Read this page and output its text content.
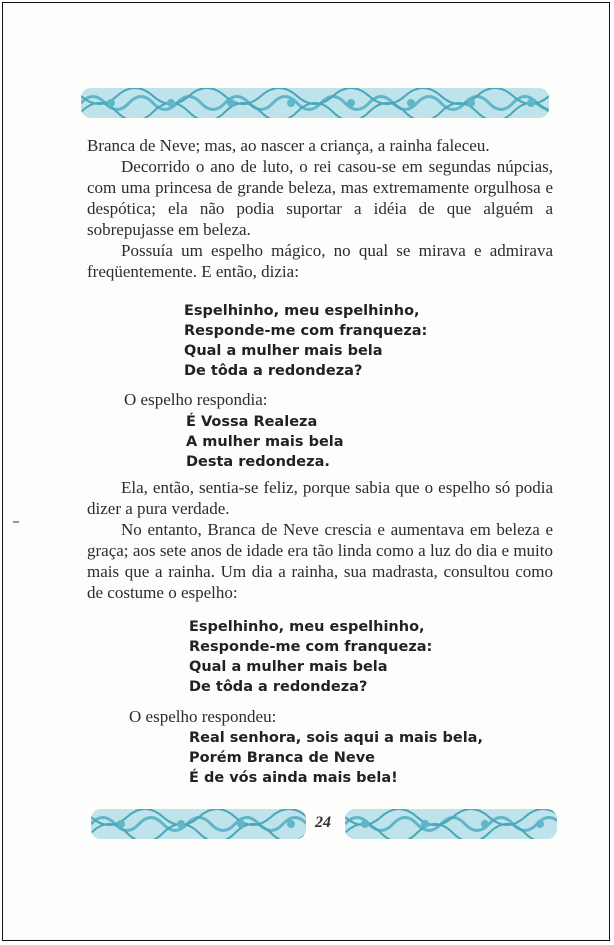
Branca de Neve; mas, ao nascer a criança, a rainha faleceu.

Decorrido o ano de luto, o rei casou-se em segundas núpcias, com uma princesa de grande beleza, mas extremamente orgulhosa e despótica; ela não podia suportar a idéia de que alguém a sobrepujasse em beleza.

Possuía um espelho mágico, no qual se mirava e admirava freqüentemente. E então, dizia:

Espelhinho, meu espelhinho,
Responde-me com franqueza:
Qual a mulher mais bela
De tôda a redondeza?
O espelho respondia:
É Vossa Realeza
A mulher mais bela
Desta redondeza.

Ela, então, sentia-se feliz, porque sabia que o espelho só podia dizer a pura verdade.

No entanto, Branca de Neve crescia e aumentava em beleza e graça; aos sete anos de idade era tão linda como a luz do dia e muito mais que a rainha. Um dia a rainha, sua madrasta, consultou como de costume o espelho:

Espelhinho, meu espelhinho,
Responde-me com franqueza:
Qual a mulher mais bela
De tôda a redondeza?
O espelho respondeu:
Real senhora, sois aqui a mais bela,
Porém Branca de Neve
É de vós ainda mais bela!
24
